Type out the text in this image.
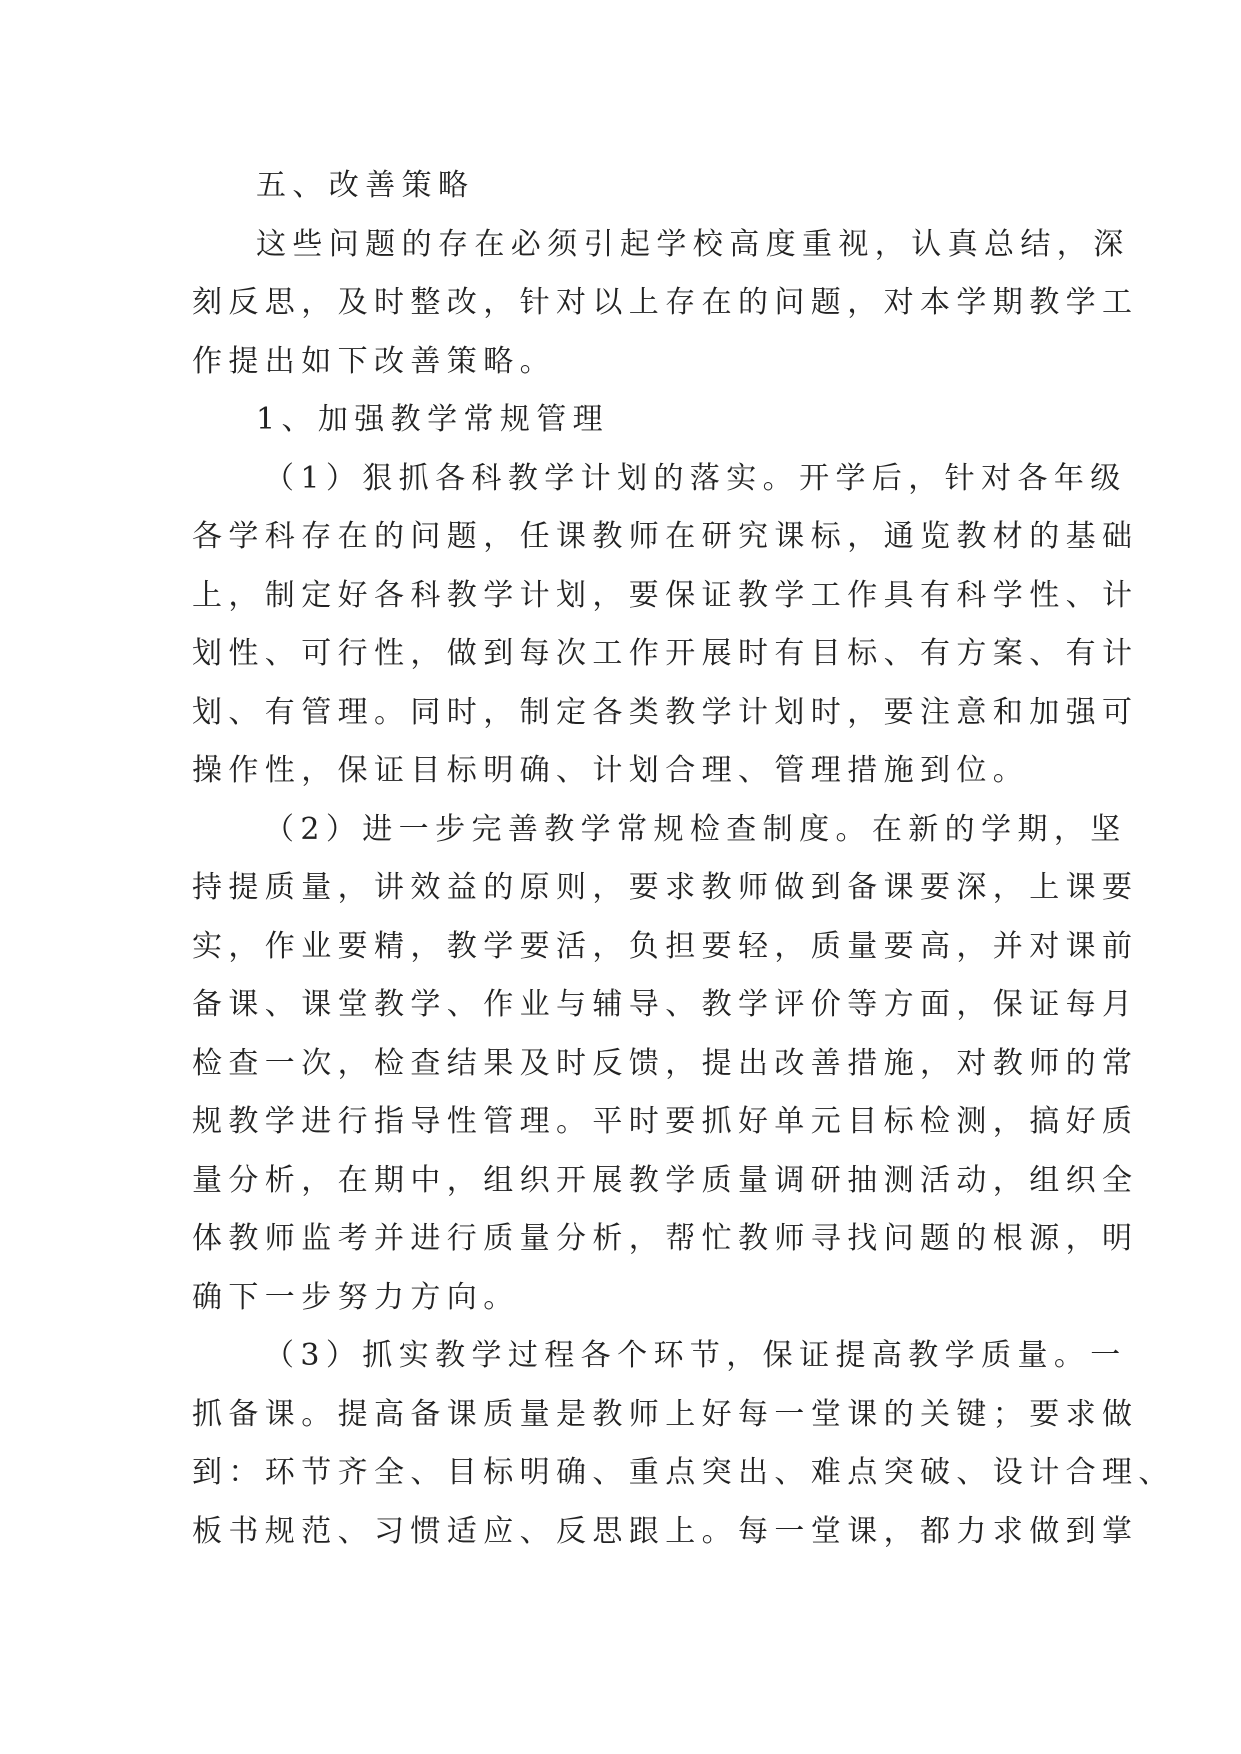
五、改善策略

这些问题的存在必须引起学校高度重视，认真总结，深

刻反思，及时整改，针对以上存在的问题，对本学期教学工

作提出如下改善策略。

1、加强教学常规管理

（1）狠抓各科教学计划的落实。开学后，针对各年级

各学科存在的问题，任课教师在研究课标，通览教材的基础

上，制定好各科教学计划，要保证教学工作具有科学性、计

划性、可行性，做到每次工作开展时有目标、有方案、有计

划、有管理。同时，制定各类教学计划时，要注意和加强可

操作性，保证目标明确、计划合理、管理措施到位。

（2）进一步完善教学常规检查制度。在新的学期，坚

持提质量，讲效益的原则，要求教师做到备课要深，上课要

实，作业要精，教学要活，负担要轻，质量要高，并对课前

备课、课堂教学、作业与辅导、教学评价等方面，保证每月

检查一次，检查结果及时反馈，提出改善措施，对教师的常

规教学进行指导性管理。平时要抓好单元目标检测，搞好质

量分析，在期中，组织开展教学质量调研抽测活动，组织全

体教师监考并进行质量分析，帮忙教师寻找问题的根源，明

确下一步努力方向。

（3）抓实教学过程各个环节，保证提高教学质量。一

抓备课。提高备课质量是教师上好每一堂课的关键；要求做

到：环节齐全、目标明确、重点突出、难点突破、设计合理、

板书规范、习惯适应、反思跟上。每一堂课，都力求做到掌
